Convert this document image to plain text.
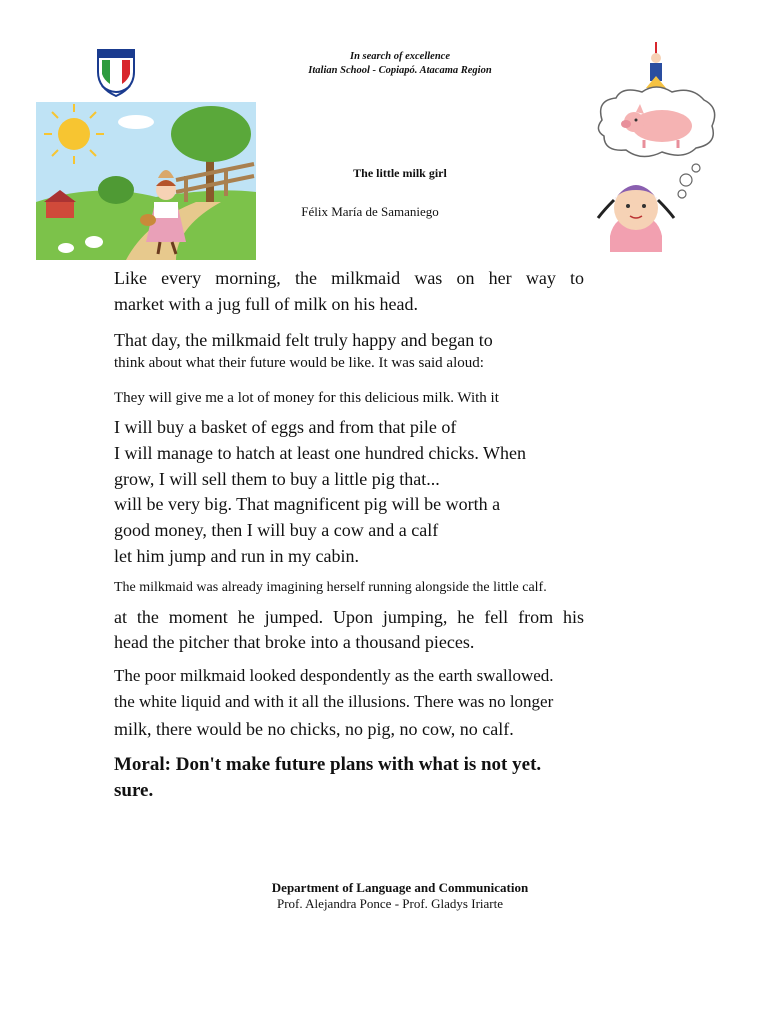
In search of excellence
Italian School - Copiapó. Atacama Region
The little milk girl
Félix María de Samaniego
Like every morning, the milkmaid was on her way to
market with a jug full of milk on his head.
That day, the milkmaid felt truly happy and began to
think about what their future would be like. It was said aloud:
They will give me a lot of money for this delicious milk. With it
I will buy a basket of eggs and from that pile of
I will manage to hatch at least one hundred chicks. When
grow, I will sell them to buy a little pig that...
will be very big. That magnificent pig will be worth a
good money, then I will buy a cow and a calf
let him jump and run in my cabin.
The milkmaid was already imagining herself running alongside the little calf.
at the moment he jumped. Upon jumping, he fell from his
head the pitcher that broke into a thousand pieces.
The poor milkmaid looked despondently as the earth swallowed.
the white liquid and with it all the illusions. There was no longer
milk, there would be no chicks, no pig, no cow, no calf.
Moral: Don't make future plans with what is not yet.
sure.
Department of Language and Communication
Prof. Alejandra Ponce - Prof. Gladys Iriarte
